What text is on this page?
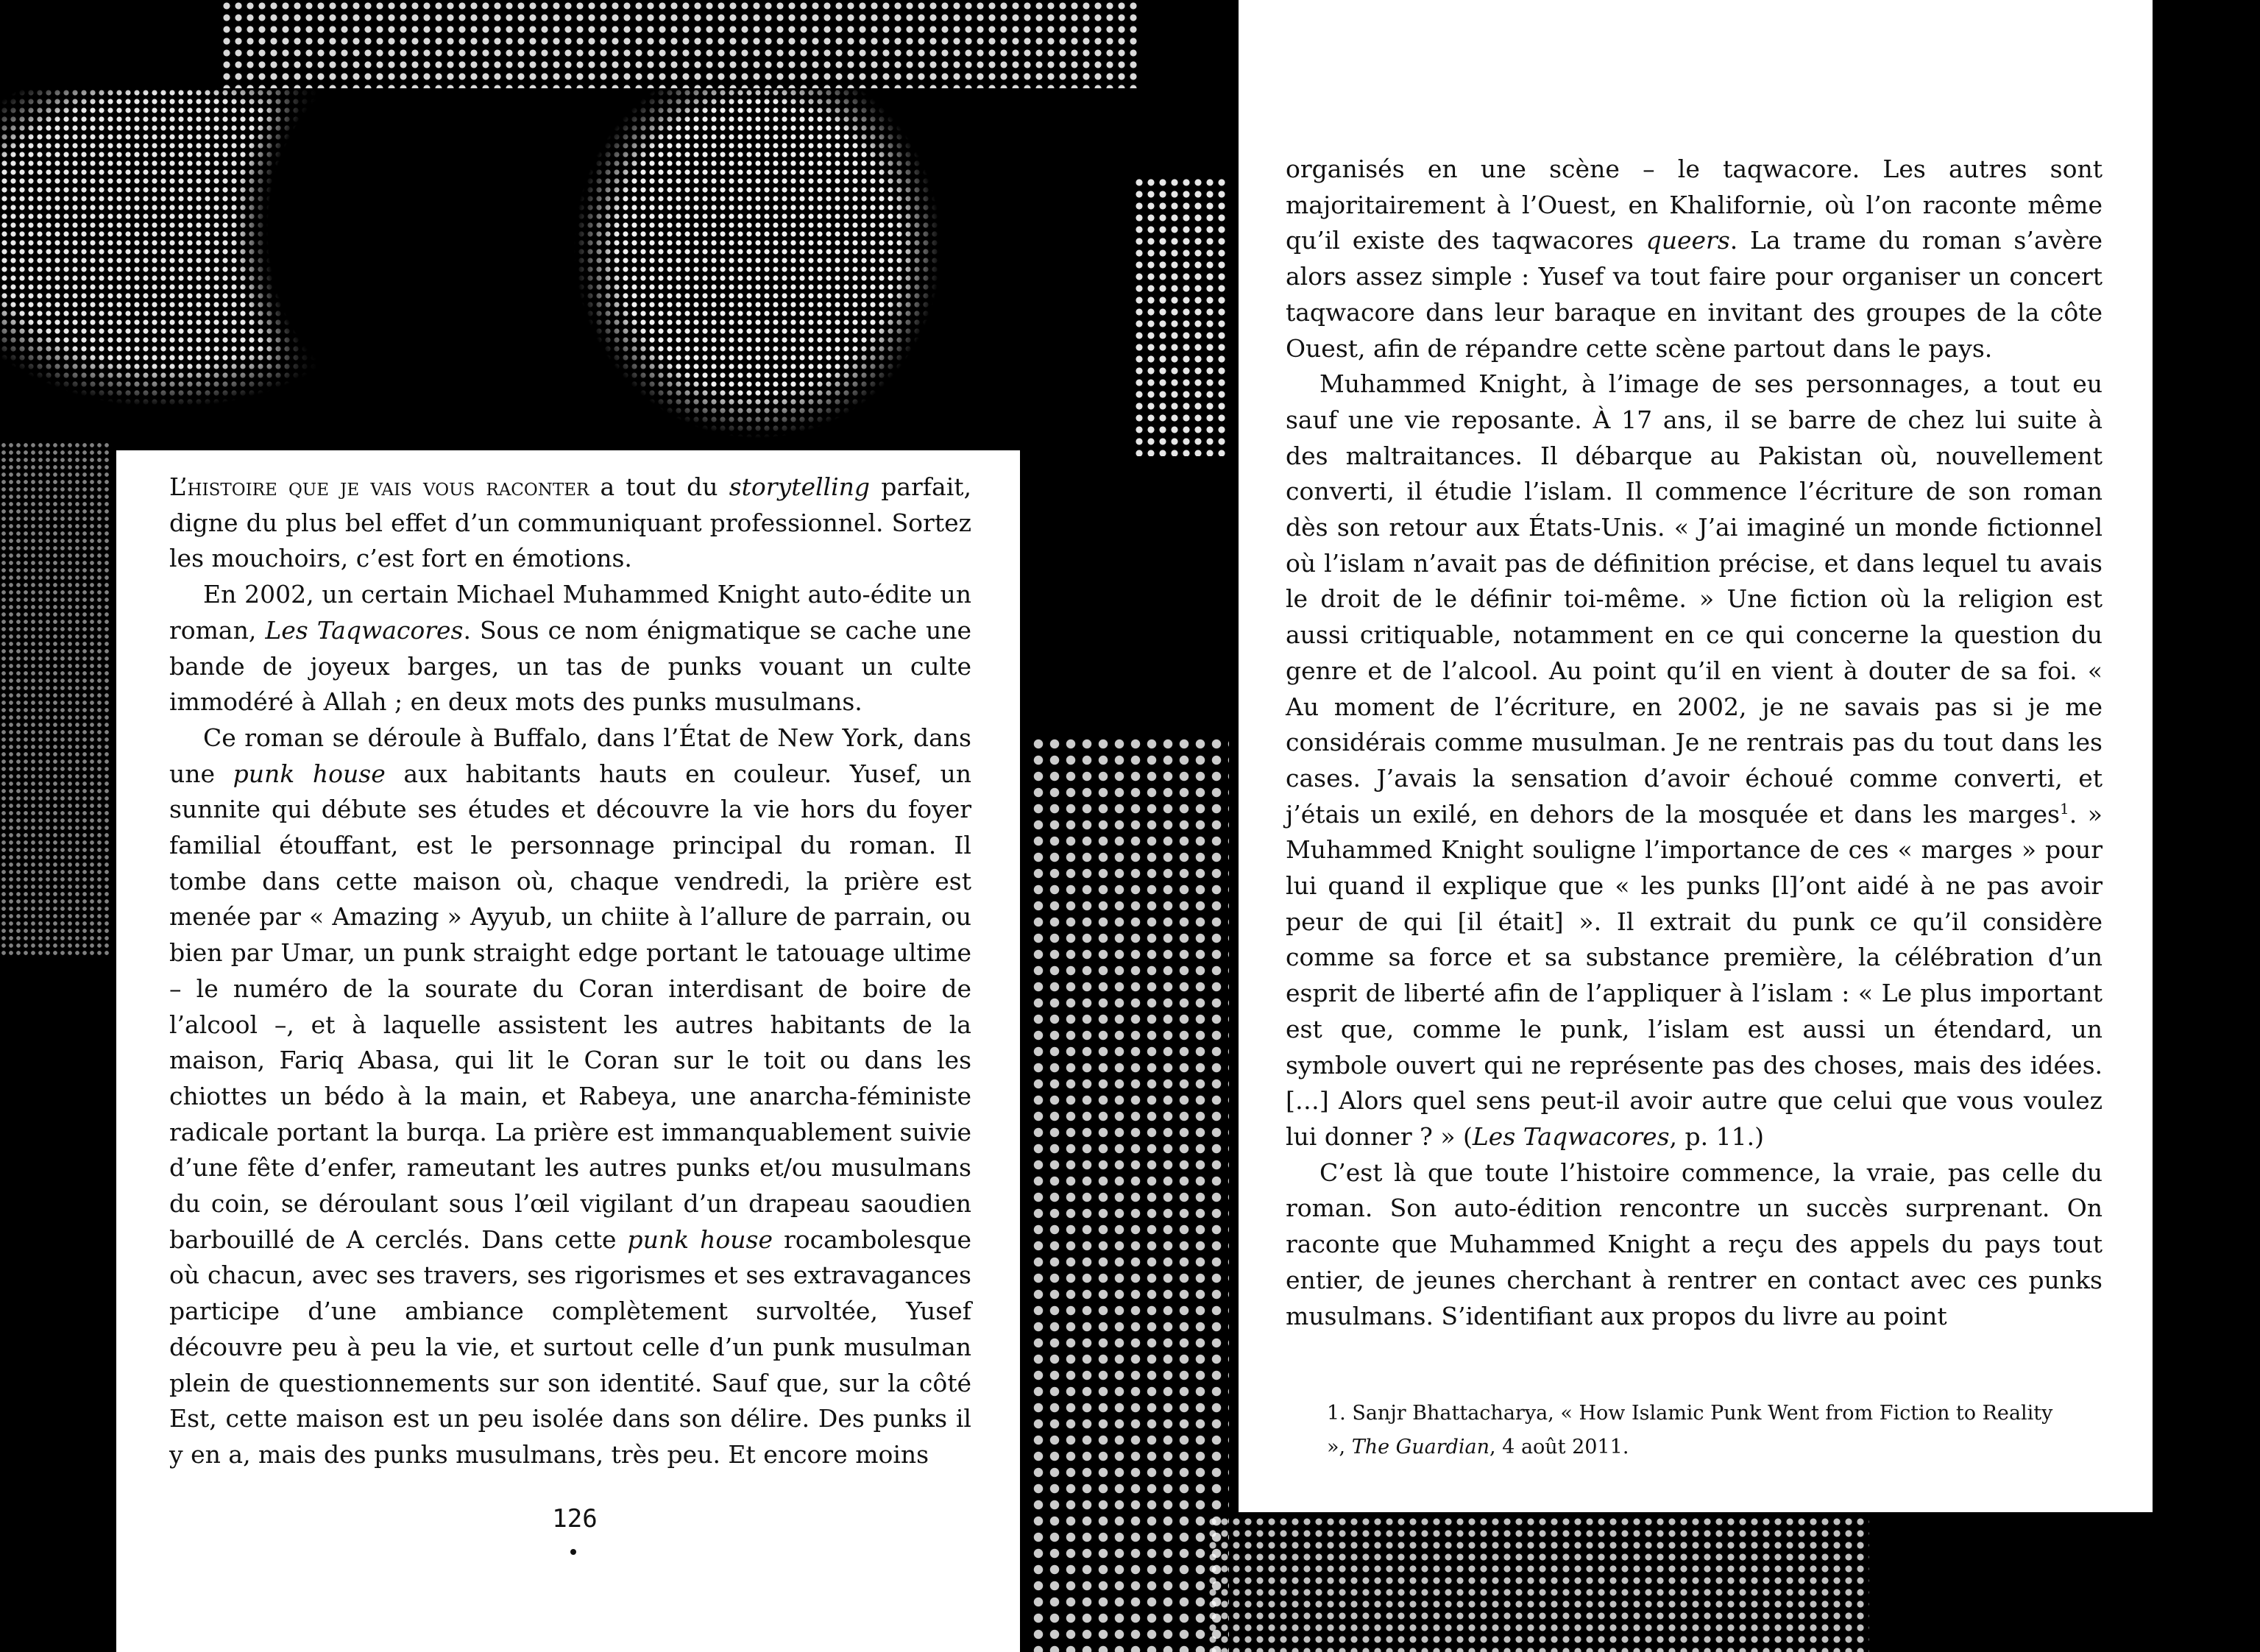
L’histoire que je vais vous raconter a tout du storytelling parfait, digne du plus bel effet d’un communiquant professionnel. Sortez les mouchoirs, c’est fort en émotions.

En 2002, un certain Michael Muhammed Knight auto-édite un roman, Les Taqwacores. Sous ce nom énigmatique se cache une bande de joyeux barges, un tas de punks vouant un culte immodéré à Allah ; en deux mots des punks musulmans.

Ce roman se déroule à Buffalo, dans l’État de New York, dans une punk house aux habitants hauts en couleur. Yusef, un sunnite qui débute ses études et découvre la vie hors du foyer familial étouffant, est le personnage principal du roman. Il tombe dans cette maison où, chaque vendredi, la prière est menée par « Amazing » Ayyub, un chiite à l’allure de parrain, ou bien par Umar, un punk straight edge portant le tatouage ultime – le numéro de la sourate du Coran interdisant de boire de l’alcool –, et à laquelle assistent les autres habitants de la maison, Fariq Abasa, qui lit le Coran sur le toit ou dans les chiottes un bédo à la main, et Rabeya, une anarcha-féministe radicale portant la burqa. La prière est immanquablement suivie d’une fête d’enfer, rameutant les autres punks et/ou musulmans du coin, se déroulant sous l’œil vigilant d’un drapeau saoudien barbouillé de A cerclés. Dans cette punk house rocambolesque où chacun, avec ses travers, ses rigorismes et ses extravagances participe d’une ambiance complètement survoltée, Yusef découvre peu à peu la vie, et surtout celle d’un punk musulman plein de questionnements sur son identité. Sauf que, sur la côté Est, cette maison est un peu isolée dans son délire. Des punks il y en a, mais des punks musulmans, très peu. Et encore moins

126

organisés en une scène – le taqwacore. Les autres sont majoritairement à l’Ouest, en Khalifornie, où l’on raconte même qu’il existe des taqwacores queers. La trame du roman s’avère alors assez simple : Yusef va tout faire pour organiser un concert taqwacore dans leur baraque en invitant des groupes de la côte Ouest, afin de répandre cette scène partout dans le pays.

Muhammed Knight, à l’image de ses personnages, a tout eu sauf une vie reposante. À 17 ans, il se barre de chez lui suite à des maltraitances. Il débarque au Pakistan où, nouvellement converti, il étudie l’islam. Il commence l’écriture de son roman dès son retour aux États-Unis. « J’ai imaginé un monde fictionnel où l’islam n’avait pas de définition précise, et dans lequel tu avais le droit de le définir toi-même. » Une fiction où la religion est aussi critiquable, notamment en ce qui concerne la question du genre et de l’alcool. Au point qu’il en vient à douter de sa foi. « Au moment de l’écriture, en 2002, je ne savais pas si je me considérais comme musulman. Je ne rentrais pas du tout dans les cases. J’avais la sensation d’avoir échoué comme converti, et j’étais un exilé, en dehors de la mosquée et dans les marges$^1$. » Muhammed Knight souligne l’importance de ces « marges » pour lui quand il explique que « les punks [l]’ont aidé à ne pas avoir peur de qui [il était] ». Il extrait du punk ce qu’il considère comme sa force et sa substance première, la célébration d’un esprit de liberté afin de l’appliquer à l’islam : « Le plus important est que, comme le punk, l’islam est aussi un étendard, un symbole ouvert qui ne représente pas des choses, mais des idées. […] Alors quel sens peut-il avoir autre que celui que vous voulez lui donner ? » (Les Taqwacores, p. 11.)

C’est là que toute l’histoire commence, la vraie, pas celle du roman. Son auto-édition rencontre un succès surprenant. On raconte que Muhammed Knight a reçu des appels du pays tout entier, de jeunes cherchant à rentrer en contact avec ces punks musulmans. S’identifiant aux propos du livre au point

1. Sanjr Bhattacharya, « How Islamic Punk Went from Fiction to Reality », The Guardian, 4 août 2011.
